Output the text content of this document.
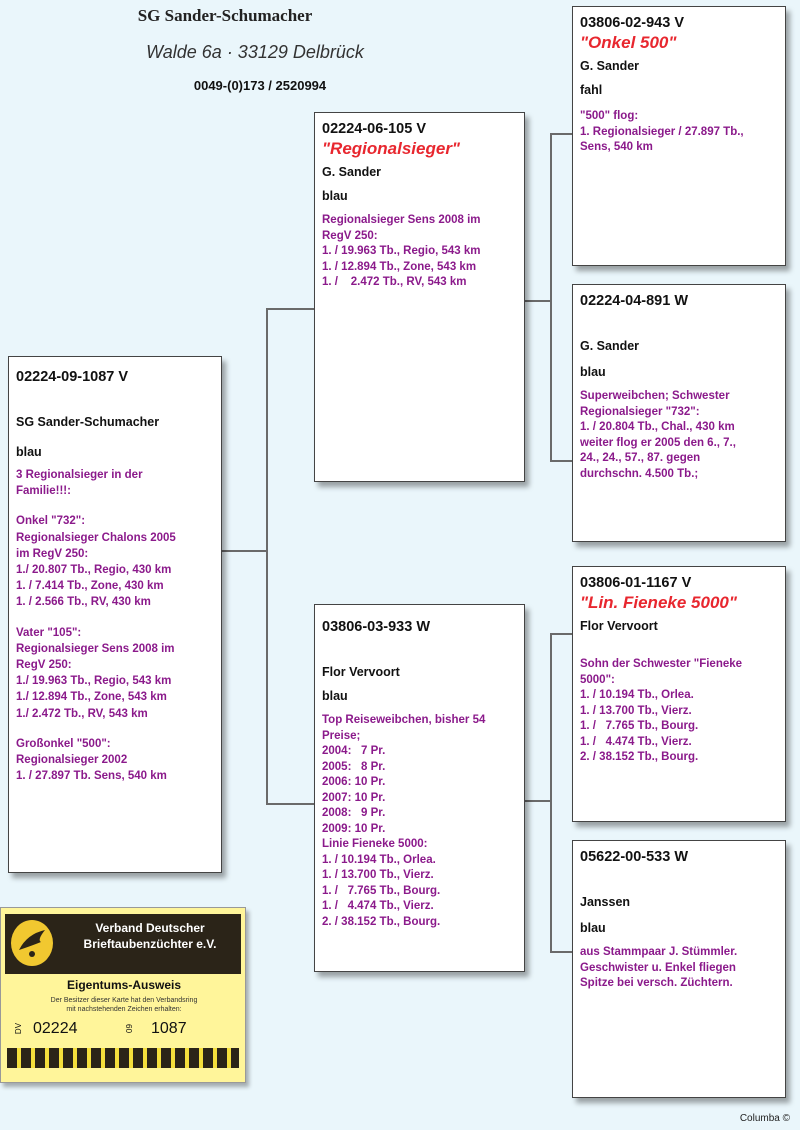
SG Sander-Schumacher
Walde 6a · 33129 Delbrück
0049-(0)173 / 2520994
02224-09-1087 V
SG Sander-Schumacher
blau
3 Regionalsieger in der
Familie!!!:
Onkel "732":
Regionalsieger Chalons 2005
im RegV 250:
1./ 20.807 Tb., Regio, 430 km
1. / 7.414 Tb., Zone, 430 km
1. / 2.566 Tb., RV, 430 km
Vater "105":
Regionalsieger Sens 2008 im
RegV 250:
1./ 19.963 Tb., Regio, 543 km
1./ 12.894 Tb., Zone, 543 km
1./ 2.472 Tb., RV, 543 km
Großonkel "500":
Regionalsieger 2002
1. / 27.897 Tb. Sens, 540 km
02224-06-105 V
"Regionalsieger"
G. Sander
blau
Regionalsieger Sens 2008 im
RegV 250:
1. / 19.963 Tb., Regio, 543 km
1. / 12.894 Tb., Zone, 543 km
1. /    2.472 Tb., RV, 543 km
03806-03-933 W
Flor Vervoort
blau
Top Reiseweibchen, bisher 54
Preise;
2004:   7 Pr.
2005:   8 Pr.
2006: 10 Pr.
2007: 10 Pr.
2008:   9 Pr.
2009: 10 Pr.
Linie Fieneke 5000:
1. / 10.194 Tb., Orlea.
1. / 13.700 Tb., Vierz.
1. /   7.765 Tb., Bourg.
1. /   4.474 Tb., Vierz.
2. / 38.152 Tb., Bourg.
03806-02-943 V
"Onkel 500"
G. Sander
fahl
"500" flog:
1. Regionalsieger / 27.897 Tb.,
Sens, 540 km
02224-04-891 W
G. Sander
blau
Superweibchen; Schwester
Regionalsieger "732":
1. / 20.804 Tb., Chal., 430 km
weiter flog er 2005 den 6., 7.,
24., 24., 57., 87. gegen
durchschn. 4.500 Tb.;
03806-01-1167 V
"Lin. Fieneke 5000"
Flor Vervoort
Sohn der Schwester "Fieneke
5000":
1. / 10.194 Tb., Orlea.
1. / 13.700 Tb., Vierz.
1. /   7.765 Tb., Bourg.
1. /   4.474 Tb., Vierz.
2. / 38.152 Tb., Bourg.
05622-00-533 W
Janssen
blau
aus Stammpaar J. Stümmler.
Geschwister u. Enkel fliegen
Spitze bei versch. Züchtern.
Verband Deutscher
Brieftaubenzüchter e.V.
Eigentums-Ausweis
Der Besitzer dieser Karte hat den Verbandsring
mit nachstehenden Zeichen erhalten:
DV 02224	09 1087
Columba ©
